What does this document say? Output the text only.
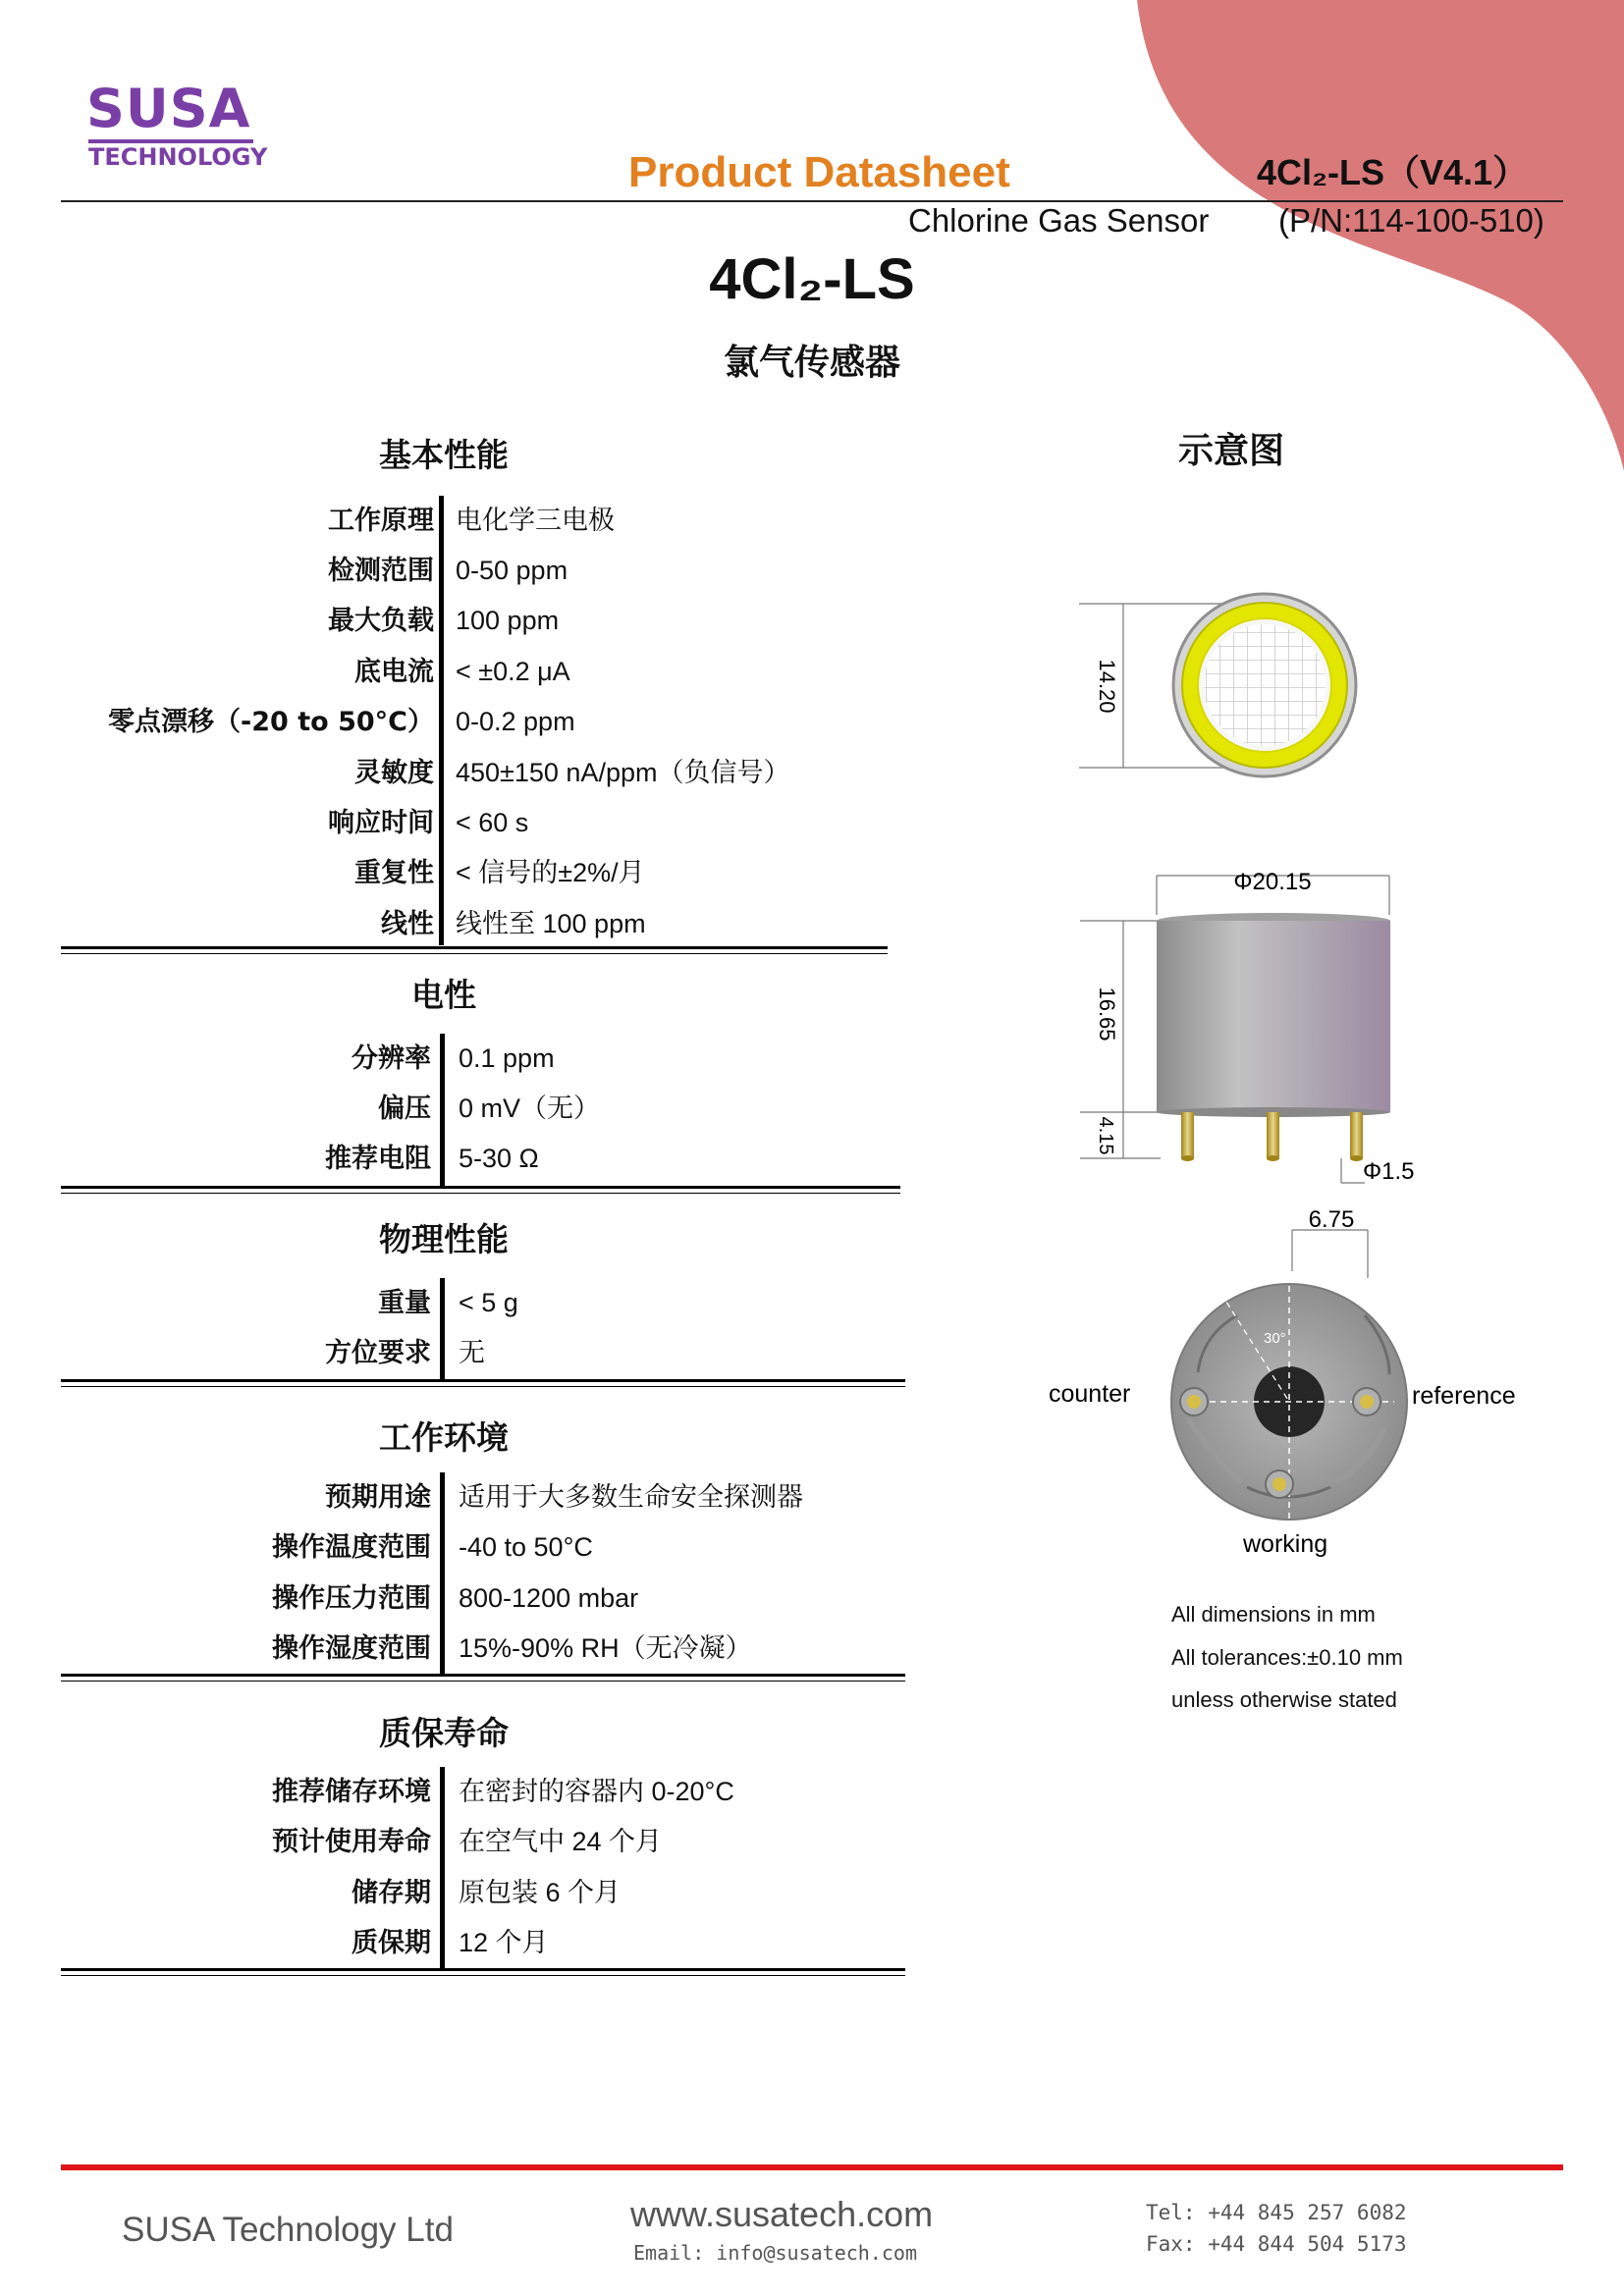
SUSA
TECHNOLOGY	Product Datasheet	4Cl₂-LS（V4.1）
Chlorine Gas Sensor (P/N:114-100-510)
4Cl₂-LS
氯气传感器
基本性能
工作原理 电化学三电极
检测范围 0-50 ppm
最大负载 100 ppm
底电流 < ±0.2 μA
零点漂移（-20 to 50°C） 0-0.2 ppm
灵敏度 450±150 nA/ppm（负信号）
响应时间 < 60 s
重复性 < 信号的±2%/月
线性 线性至 100 ppm
电性
分辨率 0.1 ppm
偏压 0 mV（无）
推荐电阻 5-30 Ω
物理性能
重量 < 5 g
方位要求 无
工作环境
预期用途 适用于大多数生命安全探测器
操作温度范围 -40 to 50°C
操作压力范围 800-1200 mbar
操作湿度范围 15%-90% RH（无冷凝）
质保寿命
推荐储存环境 在密封的容器内 0-20°C
预计使用寿命 在空气中 24 个月
储存期 原包装 6 个月
质保期 12 个月
示意图
14.20
Φ20.15
16.65
4.15
Φ1.5
6.75
30°
counter	reference
working
All dimensions in mm
All tolerances:±0.10 mm
unless otherwise stated
SUSA Technology Ltd	www.susatech.com
Email: info@susatech.com
Tel: +44 845 257 6082
Fax: +44 844 504 5173
